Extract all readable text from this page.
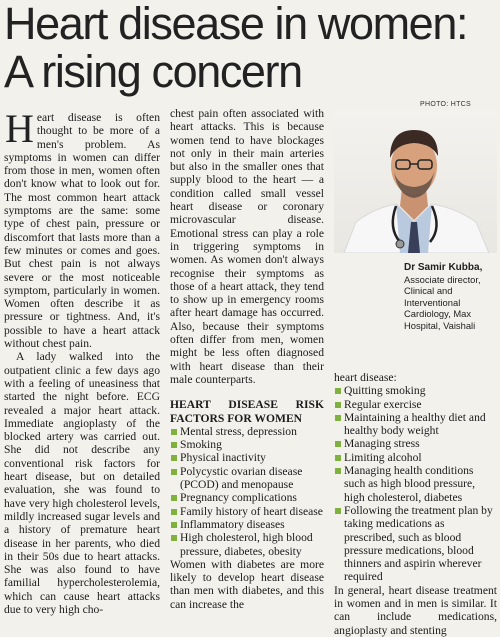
Heart disease in women:
A rising concern

Heart disease is often thought to be more of a men's problem. As symptoms in women can differ from those in men, women often don't know what to look out for. The most common heart attack symptoms are the same: some type of chest pain, pressure or discomfort that lasts more than a few minutes or comes and goes. But chest pain is not always severe or the most noticeable symptom, particularly in women. Women often describe it as pressure or tightness. And, it's possible to have a heart attack without chest pain.

A lady walked into the outpatient clinic a few days ago with a feeling of uneasiness that started the night before. ECG revealed a major heart attack. Immediate angioplasty of the blocked artery was carried out. She did not describe any conventional risk factors for heart disease, but on detailed evaluation, she was found to have very high cholesterol levels, mildly increased sugar levels and a history of premature heart disease in her parents, who died in their 50s due to heart attacks. She was also found to have familial hypercholesterolemia, which can cause heart attacks due to very high cho-

chest pain often associated with heart attacks. This is because women tend to have blockages not only in their main arteries but also in the smaller ones that supply blood to the heart — a condition called small vessel heart disease or coronary microvascular disease. Emotional stress can play a role in triggering symptoms in women. As women don't always recognise their symptoms as those of a heart attack, they tend to show up in emergency rooms after heart damage has occurred. Also, because their symptoms often differ from men, women might be less often diagnosed with heart disease than their male counterparts.

HEART DISEASE RISK FACTORS FOR WOMEN
Mental stress, depression
Smoking
Physical inactivity
Polycystic ovarian disease (PCOD) and menopause
Pregnancy complications
Family history of heart disease
Inflammatory diseases
High cholesterol, high blood pressure, diabetes, obesity

Women with diabetes are more likely to develop heart disease than men with diabetes, and this can increase the

PHOTO: HTCS
Dr Samir Kubba,
Associate director, Clinical and Interventional Cardiology, Max Hospital, Vaishali

heart disease:

Quitting smoking
Regular exercise
Maintaining a healthy diet and healthy body weight
Managing stress
Limiting alcohol
Managing health conditions such as high blood pressure, high cholesterol, diabetes
Following the treatment plan by taking medications as prescribed, such as blood pressure medications, blood thinners and aspirin wherever required

In general, heart disease treatment in women and in men is similar. It can include medications, angioplasty and stenting
